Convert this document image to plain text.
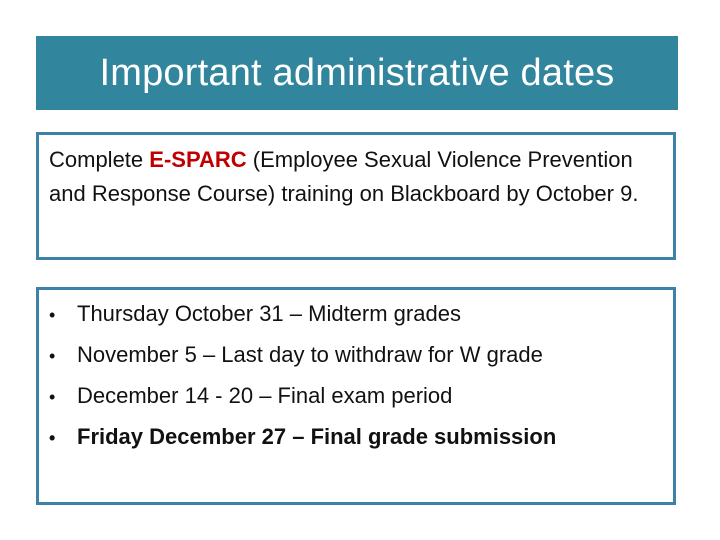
Important administrative dates
Complete E-SPARC (Employee Sexual Violence Prevention and Response Course) training on Blackboard by October 9.
• Thursday October 31 – Midterm grades
• November 5 – Last day to withdraw for W grade
• December 14 - 20 – Final exam period
• Friday December 27 – Final grade submission
